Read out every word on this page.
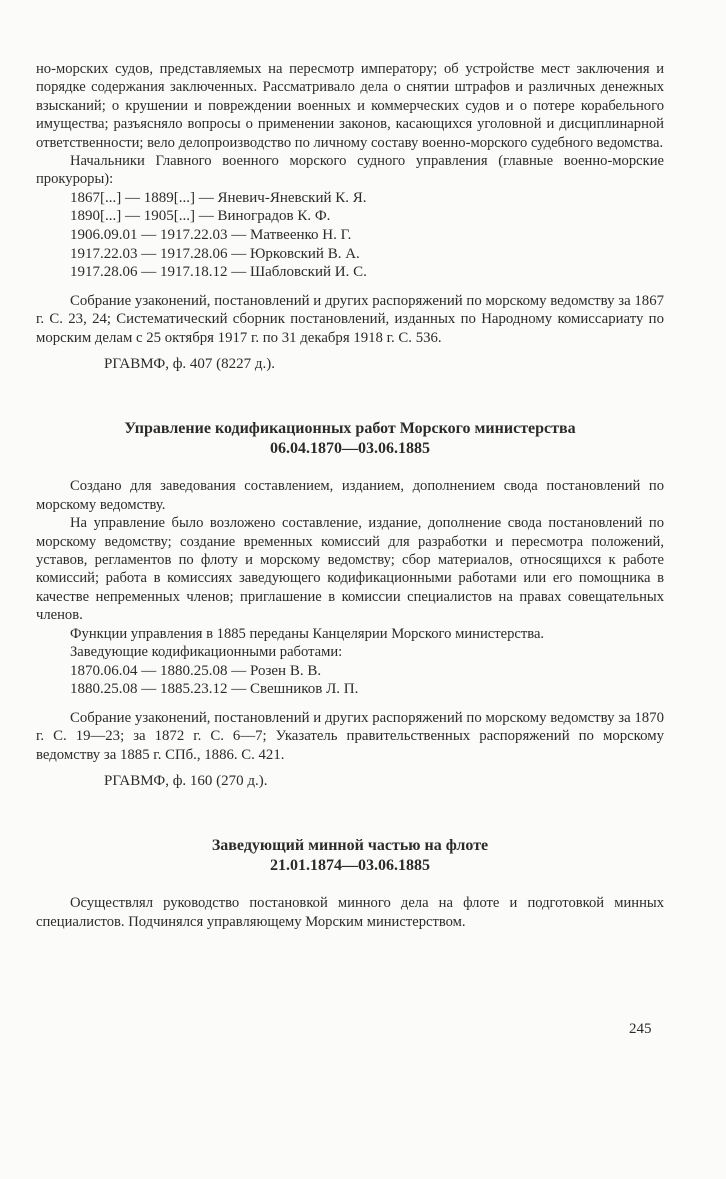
но-морских судов, представляемых на пересмотр императору; об устройстве мест заключения и порядке содержания заключенных. Рассматривало дела о снятии штрафов и различных денежных взысканий; о крушении и повреждении военных и коммерческих судов и о потере корабельного имущества; разъясняло вопросы о применении законов, касающихся уголовной и дисциплинарной ответственности; вело делопроизводство по личному составу военно-морского судебного ведомства.

Начальники Главного военного морского судного управления (главные военно-морские прокуроры):

1867[...] — 1889[...] — Яневич-Яневский К. Я.
1890[...] — 1905[...] — Виноградов К. Ф.
1906.09.01 — 1917.22.03 — Матвеенко Н. Г.
1917.22.03 — 1917.28.06 — Юрковский В. А.
1917.28.06 — 1917.18.12 — Шабловский И. С.

Собрание узаконений, постановлений и других распоряжений по морскому ведомству за 1867 г. С. 23, 24; Систематический сборник постановлений, изданных по Народному комиссариату по морским делам с 25 октября 1917 г. по 31 декабря 1918 г. С. 536.

РГАВМФ, ф. 407 (8227 д.).

Управление кодификационных работ Морского министерства
06.04.1870—03.06.1885

Создано для заведования составлением, изданием, дополнением свода постановлений по морскому ведомству.

На управление было возложено составление, издание, дополнение свода постановлений по морскому ведомству; создание временных комиссий для разработки и пересмотра положений, уставов, регламентов по флоту и морскому ведомству; сбор материалов, относящихся к работе комиссий; работа в комиссиях заведующего кодификационными работами или его помощника в качестве непременных членов; приглашение в комиссии специалистов на правах совещательных членов.

Функции управления в 1885 переданы Канцелярии Морского министерства.

Заведующие кодификационными работами:

1870.06.04 — 1880.25.08 — Розен В. В.
1880.25.08 — 1885.23.12 — Свешников Л. П.

Собрание узаконений, постановлений и других распоряжений по морскому ведомству за 1870 г. С. 19—23; за 1872 г. С. 6—7; Указатель правительственных распоряжений по морскому ведомству за 1885 г. СПб., 1886. С. 421.

РГАВМФ, ф. 160 (270 д.).

Заведующий минной частью на флоте
21.01.1874—03.06.1885

Осуществлял руководство постановкой минного дела на флоте и подготовкой минных специалистов. Подчинялся управляющему Морским министерством.

245
